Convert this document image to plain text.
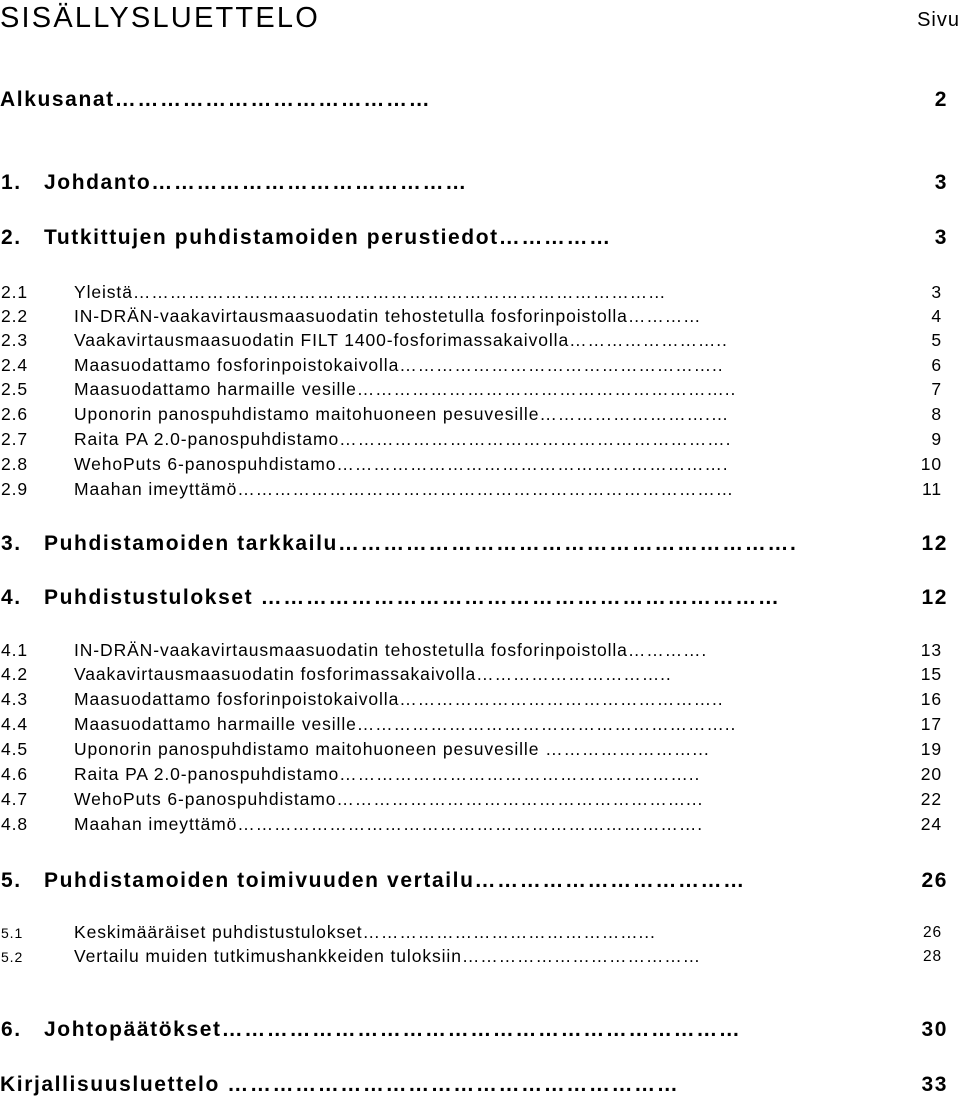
SISÄLLYSLUETTELO	Sivu
Alkusanat……………………………………	2
1. Johdanto……………………………………	3
2. Tutkittujen puhdistamoiden perustiedot……………	3
2.1	Yleistä……………………………………………………………………………	3
2.2	IN-DRÄN-vaakavirtausmaasuodatin tehostetulla fosforinpoistolla…………	4
2.3	Vaakavirtausmaasuodatin FILT 1400-fosforimassakaivolla……………………..	5
2.4	Maasuodattamo fosforinpoistokaivolla……………………………………………..	6
2.5	Maasuodattamo harmaille vesille……………………………………………………..	7
2.6	Uponorin panospuhdistamo maitohuoneen pesuvesille……………………….…	8
2.7	Raita PA 2.0-panospuhdistamo……………………………………………………….	9
2.8	WehoPuts 6-panospuhdistamo……………………………………………………….	10
2.9	Maahan imeyttämö………………………………………………………………………	11
3. Puhdistamoiden tarkkailu…………………………………………………….	12
4. Puhdistustulokset ……………………………………………………………	12
4.1	IN-DRÄN-vaakavirtausmaasuodatin tehostetulla fosforinpoistolla………….	13
4.2	Vaakavirtausmaasuodatin fosforimassakaivolla…………………………..	15
4.3	Maasuodattamo fosforinpoistokaivolla……………………………………………..	16
4.4	Maasuodattamo harmaille vesille……………………………………………………..	17
4.5	Uponorin panospuhdistamo maitohuoneen pesuvesille ……………………...	19
4.6	Raita PA 2.0-panospuhdistamo…………………………………………………..	20
4.7	WehoPuts 6-panospuhdistamo…………………………………………………...	22
4.8	Maahan imeyttämö………………………………………………………………….	24
5. Puhdistamoiden toimivuuden vertailu………………………………	26
5.1	Keskimääräiset puhdistustulokset………………………………………...	26
5.2	Vertailu muiden tutkimushankkeiden tuloksiin…………………………………	28
6. Johtopäätökset……………………………………………………………	30
Kirjallisuusluettelo ……………………………………………………	33
